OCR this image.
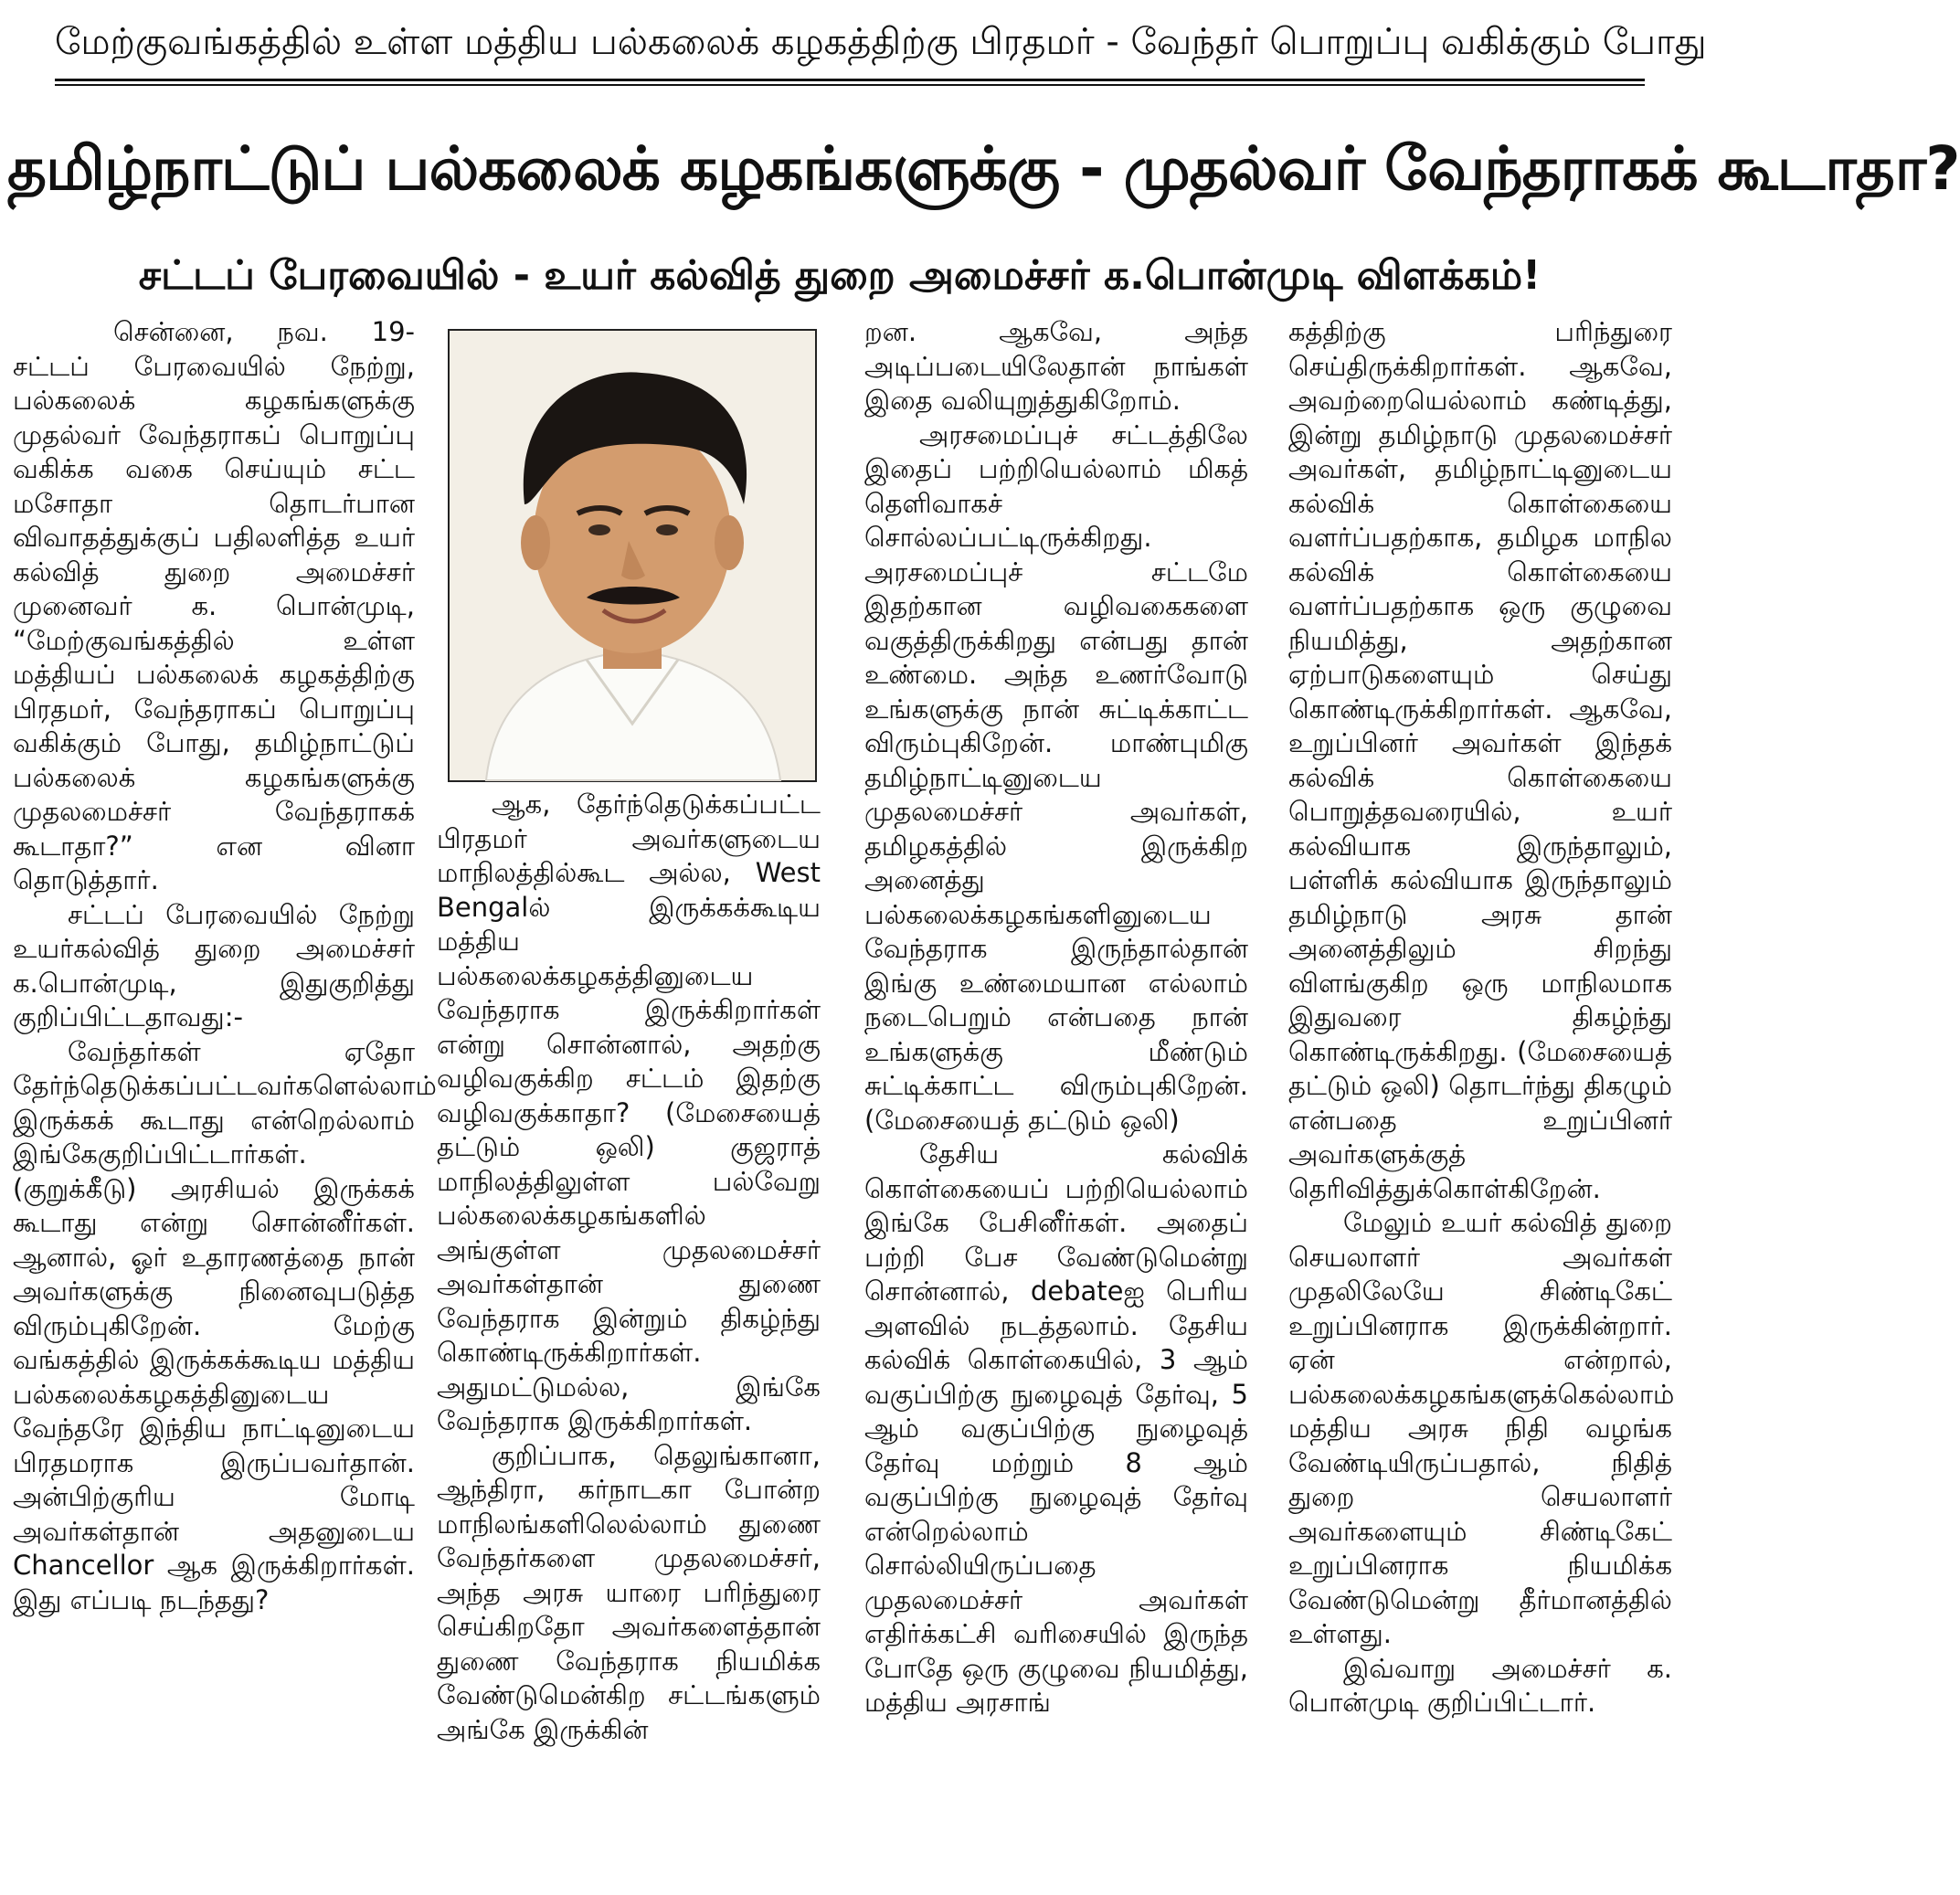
மேற்குவங்கத்தில் உள்ள மத்திய பல்கலைக் கழகத்திற்கு பிரதமர் - வேந்தர் பொறுப்பு வகிக்கும் போது
தமிழ்நாட்டுப் பல்கலைக் கழகங்களுக்கு - முதல்வர் வேந்தராகக் கூடாதா?
சட்டப் பேரவையில் - உயர் கல்வித் துறை அமைச்சர் க.பொன்முடி விளக்கம்!

சென்னை, நவ. 19- சட்டப் பேரவையில் நேற்று, பல்கலைக் கழகங்களுக்கு முதல்வர் வேந்தராகப் பொறுப்பு வகிக்க வகை செய்யும் சட்ட மசோதா தொடர்பான விவாதத்துக்குப் பதிலளித்த உயர் கல்வித் துறை அமைச்சர் முனைவர் க. பொன்முடி, “மேற்குவங்கத்தில் உள்ள மத்தியப் பல்கலைக் கழகத்திற்கு பிரதமர், வேந்தராகப் பொறுப்பு வகிக்கும் போது, தமிழ்நாட்டுப் பல்கலைக் கழகங்களுக்கு முதலமைச்சர் வேந்தராகக் கூடாதா?” என வினா தொடுத்தார்.

சட்டப் பேரவையில் நேற்று உயர்கல்வித் துறை அமைச்சர் க.பொன்முடி, இதுகுறித்து குறிப்பிட்டதாவது:-

வேந்தர்கள் ஏதோ தேர்ந்தெடுக்கப்பட்டவர்களெல்லாம் இருக்கக் கூடாது என்றெல்லாம் இங்கேகுறிப்பிட்டார்கள். (குறுக்கீடு) அரசியல் இருக்கக் கூடாது என்று சொன்னீர்கள். ஆனால், ஓர் உதாரணத்தை நான் அவர்களுக்கு நினைவுபடுத்த விரும்புகிறேன். மேற்கு வங்கத்தில் இருக்கக்கூடிய மத்திய பல்கலைக்கழகத்தினுடைய வேந்தரே இந்திய நாட்டினுடைய பிரதமராக இருப்பவர்தான். அன்பிற்குரிய மோடி அவர்கள்தான் அதனுடைய Chancellor ஆக இருக்கிறார்கள். இது எப்படி நடந்தது?

ஆக, தேர்ந்தெடுக்கப்பட்ட பிரதமர் அவர்களுடைய மாநிலத்தில்கூட அல்ல, West Bengalல் இருக்கக்கூடிய மத்திய பல்கலைக்கழகத்தினுடைய வேந்தராக இருக்கிறார்கள் என்று சொன்னால், அதற்கு வழிவகுக்கிற சட்டம் இதற்கு வழிவகுக்காதா? (மேசையைத் தட்டும் ஒலி) குஜராத் மாநிலத்திலுள்ள பல்வேறு பல்கலைக்கழகங்களில் அங்குள்ள முதலமைச்சர் அவர்கள்தான் துணை வேந்தராக இன்றும் திகழ்ந்து கொண்டிருக்கிறார்கள். அதுமட்டுமல்ல, இங்கே வேந்தராக இருக்கிறார்கள்.

குறிப்பாக, தெலுங்கானா, ஆந்திரா, கர்நாடகா போன்ற மாநிலங்களிலெல்லாம் துணை வேந்தர்களை முதலமைச்சர், அந்த அரசு யாரை பரிந்துரை செய்கிறதோ அவர்களைத்தான் துணை வேந்தராக நியமிக்க வேண்டுமென்கிற சட்டங்களும் அங்கே இருக்கின்

றன. ஆகவே, அந்த அடிப்படையிலேதான் நாங்கள் இதை வலியுறுத்துகிறோம்.

அரசமைப்புச் சட்டத்திலே இதைப் பற்றியெல்லாம் மிகத் தெளிவாகச் சொல்லப்பட்டிருக்கிறது. அரசமைப்புச் சட்டமே இதற்கான வழிவகைகளை வகுத்திருக்கிறது என்பது தான் உண்மை. அந்த உணர்வோடு உங்களுக்கு நான் சுட்டிக்காட்ட விரும்புகிறேன். மாண்புமிகு தமிழ்நாட்டினுடைய முதலமைச்சர் அவர்கள், தமிழகத்தில் இருக்கிற அனைத்து பல்கலைக்கழகங்களினுடைய வேந்தராக இருந்தால்தான் இங்கு உண்மையான எல்லாம் நடைபெறும் என்பதை நான் உங்களுக்கு மீண்டும் சுட்டிக்காட்ட விரும்புகிறேன். (மேசையைத் தட்டும் ஒலி)

தேசிய கல்விக் கொள்கையைப் பற்றியெல்லாம் இங்கே பேசினீர்கள். அதைப் பற்றி பேச வேண்டுமென்று சொன்னால், debateஐ பெரிய அளவில் நடத்தலாம். தேசிய கல்விக் கொள்கையில், 3 ஆம் வகுப்பிற்கு நுழைவுத் தேர்வு, 5 ஆம் வகுப்பிற்கு நுழைவுத் தேர்வு மற்றும் 8 ஆம் வகுப்பிற்கு நுழைவுத் தேர்வு என்றெல்லாம் சொல்லியிருப்பதை முதலமைச்சர் அவர்கள் எதிர்க்கட்சி வரிசையில் இருந்த போதே ஒரு குழுவை நியமித்து, மத்திய அரசாங்

கத்திற்கு பரிந்துரை செய்திருக்கிறார்கள். ஆகவே, அவற்றையெல்லாம் கண்டித்து, இன்று தமிழ்நாடு முதலமைச்சர் அவர்கள், தமிழ்நாட்டினுடைய கல்விக் கொள்கையை வளர்ப்பதற்காக, தமிழக மாநில கல்விக் கொள்கையை வளர்ப்பதற்காக ஒரு குழுவை நியமித்து, அதற்கான ஏற்பாடுகளையும் செய்து கொண்டிருக்கிறார்கள். ஆகவே, உறுப்பினர் அவர்கள் இந்தக் கல்விக் கொள்கையை பொறுத்தவரையில், உயர் கல்வியாக இருந்தாலும், பள்ளிக் கல்வியாக இருந்தாலும் தமிழ்நாடு அரசு தான் அனைத்திலும் சிறந்து விளங்குகிற ஒரு மாநிலமாக இதுவரை திகழ்ந்து கொண்டிருக்கிறது. (மேசையைத் தட்டும் ஒலி) தொடர்ந்து திகழும் என்பதை உறுப்பினர் அவர்களுக்குத் தெரிவித்துக்கொள்கிறேன்.

மேலும் உயர் கல்வித் துறை செயலாளர் அவர்கள் முதலிலேயே சிண்டிகேட் உறுப்பினராக இருக்கின்றார். ஏன் என்றால், பல்கலைக்கழகங்களுக்கெல்லாம் மத்திய அரசு நிதி வழங்க வேண்டியிருப்பதால், நிதித் துறை செயலாளர் அவர்களையும் சிண்டிகேட் உறுப்பினராக நியமிக்க வேண்டுமென்று தீர்மானத்தில் உள்ளது.

இவ்வாறு அமைச்சர் க. பொன்முடி குறிப்பிட்டார்.
